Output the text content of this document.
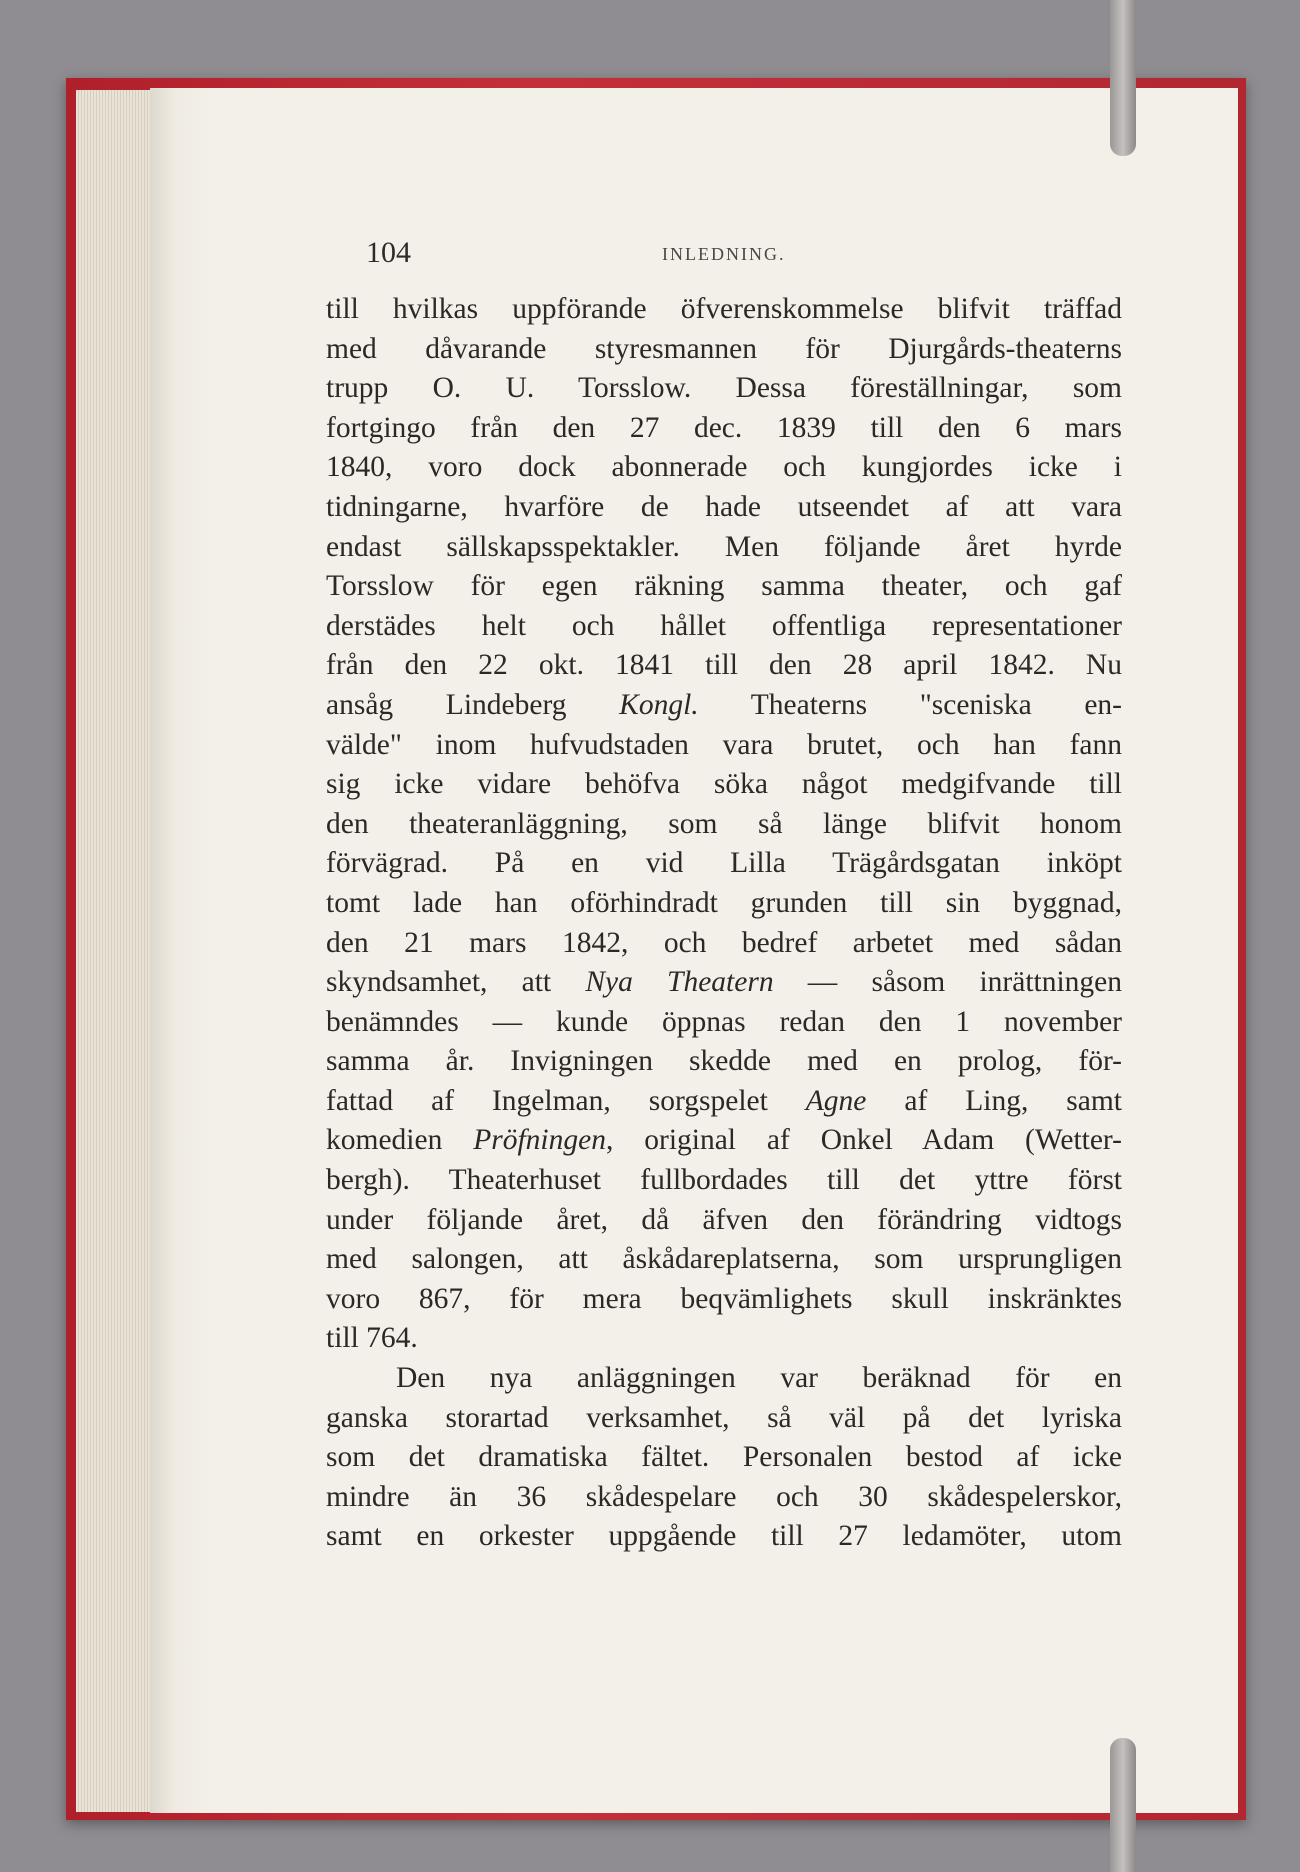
104	INLEDNING.
till hvilkas uppförande öfverenskommelse blifvit träffad
med dåvarande styresmannen för Djurgårds-theaterns
trupp O. U. Torsslow. Dessa föreställningar, som
fortgingo från den 27 dec. 1839 till den 6 mars
1840, voro dock abonnerade och kungjordes icke i
tidningarne, hvarföre de hade utseendet af att vara
endast sällskapsspektakler. Men följande året hyrde
Torsslow för egen räkning samma theater, och gaf
derstädes helt och hållet offentliga representationer
från den 22 okt. 1841 till den 28 april 1842. Nu
ansåg Lindeberg Kongl. Theaterns "sceniska en-
välde" inom hufvudstaden vara brutet, och han fann
sig icke vidare behöfva söka något medgifvande till
den theateranläggning, som så länge blifvit honom
förvägrad. På en vid Lilla Trägårdsgatan inköpt
tomt lade han oförhindradt grunden till sin byggnad,
den 21 mars 1842, och bedref arbetet med sådan
skyndsamhet, att Nya Theatern — såsom inrättningen
benämndes — kunde öppnas redan den 1 november
samma år. Invigningen skedde med en prolog, för-
fattad af Ingelman, sorgspelet Agne af Ling, samt
komedien Pröfningen, original af Onkel Adam (Wetter-
bergh). Theaterhuset fullbordades till det yttre först
under följande året, då äfven den förändring vidtogs
med salongen, att åskådareplatserna, som ursprungligen
voro 867, för mera beqvämlighets skull inskränktes
till 764.
Den nya anläggningen var beräknad för en
ganska storartad verksamhet, så väl på det lyriska
som det dramatiska fältet. Personalen bestod af icke
mindre än 36 skådespelare och 30 skådespelerskor,
samt en orkester uppgående till 27 ledamöter, utom
